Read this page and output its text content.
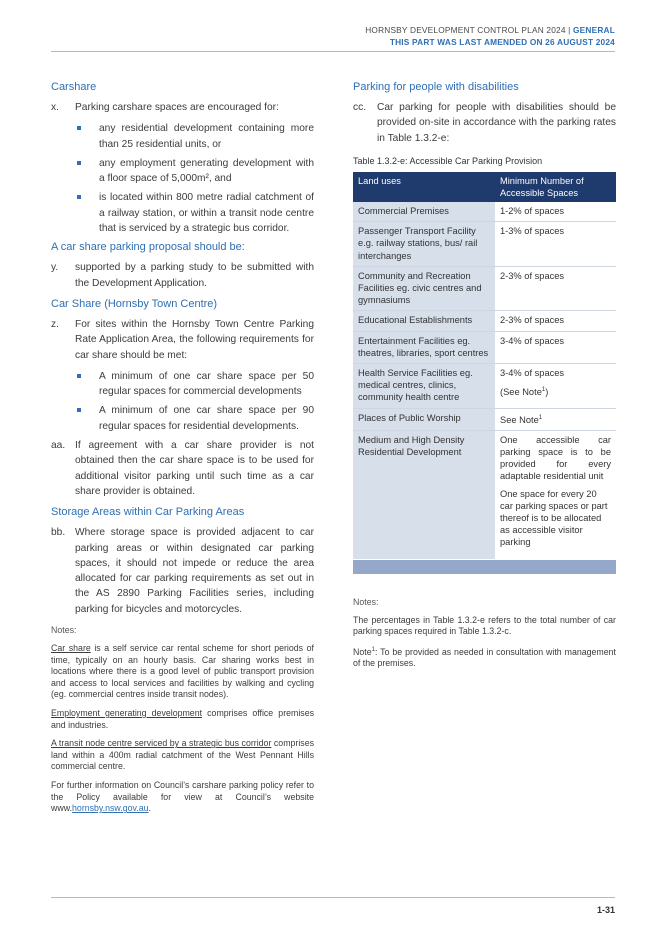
HORNSBY DEVELOPMENT CONTROL PLAN 2024 | GENERAL
THIS PART WAS LAST AMENDED ON 26 AUGUST 2024
Carshare
x. Parking carshare spaces are encouraged for:
any residential development containing more than 25 residential units, or
any employment generating development with a floor space of 5,000m², and
is located within 800 metre radial catchment of a railway station, or within a transit node centre that is serviced by a strategic bus corridor.
A car share parking proposal should be:
y. supported by a parking study to be submitted with the Development Application.
Car Share (Hornsby Town Centre)
z. For sites within the Hornsby Town Centre Parking Rate Application Area, the following requirements for car share should be met:
A minimum of one car share space per 50 regular spaces for commercial developments
A minimum of one car share space per 90 regular spaces for residential developments.
aa. If agreement with a car share provider is not obtained then the car share space is to be used for additional visitor parking until such time as a car share provider is obtained.
Storage Areas within Car Parking Areas
bb. Where storage space is provided adjacent to car parking areas or within designated car parking spaces, it should not impede or reduce the area allocated for car parking requirements as set out in the AS 2890 Parking Facilities series, including parking for bicycles and motorcycles.
Notes:
Car share is a self service car rental scheme for short periods of time, typically on an hourly basis. Car sharing works best in locations where there is a good level of public transport provision and access to local services and facilities by walking and cycling (eg. commercial centres inside transit nodes).
Employment generating development comprises office premises and industries.
A transit node centre serviced by a strategic bus corridor comprises land within a 400m radial catchment of the West Pennant Hills commercial centre.
For further information on Council’s carshare parking policy refer to the Policy available for view at Council’s website www.hornsby.nsw.gov.au.
Parking for people with disabilities
cc. Car parking for people with disabilities should be provided on-site in accordance with the parking rates in Table 1.3.2-e:
Table 1.3.2-e: Accessible Car Parking Provision
Land uses	Minimum Number of Accessible Spaces
Commercial Premises	1-2% of spaces
Passenger Transport Facility e.g. railway stations, bus/ rail interchanges	1-3% of spaces
Community and Recreation Facilities eg. civic centres and gymnasiums	2-3% of spaces
Educational Establishments	2-3% of spaces
Entertainment Facilities eg. theatres, libraries, sport centres	3-4% of spaces
Health Service Facilities eg. medical centres, clinics, community health centre	3-4% of spaces
(See Note$^1$)

Places of Public Worship	See Note$^1$
Medium and High Density Residential Development	One accessible car parking space is to be provided for every adaptable residential unit
One space for every 20 car parking spaces or part thereof is to be allocated as accessible visitor parking

Notes:
The percentages in Table 1.3.2-e refers to the total number of car parking spaces required in Table 1.3.2-c.
Note$^1$: To be provided as needed in consultation with management of the premises.
1-31
